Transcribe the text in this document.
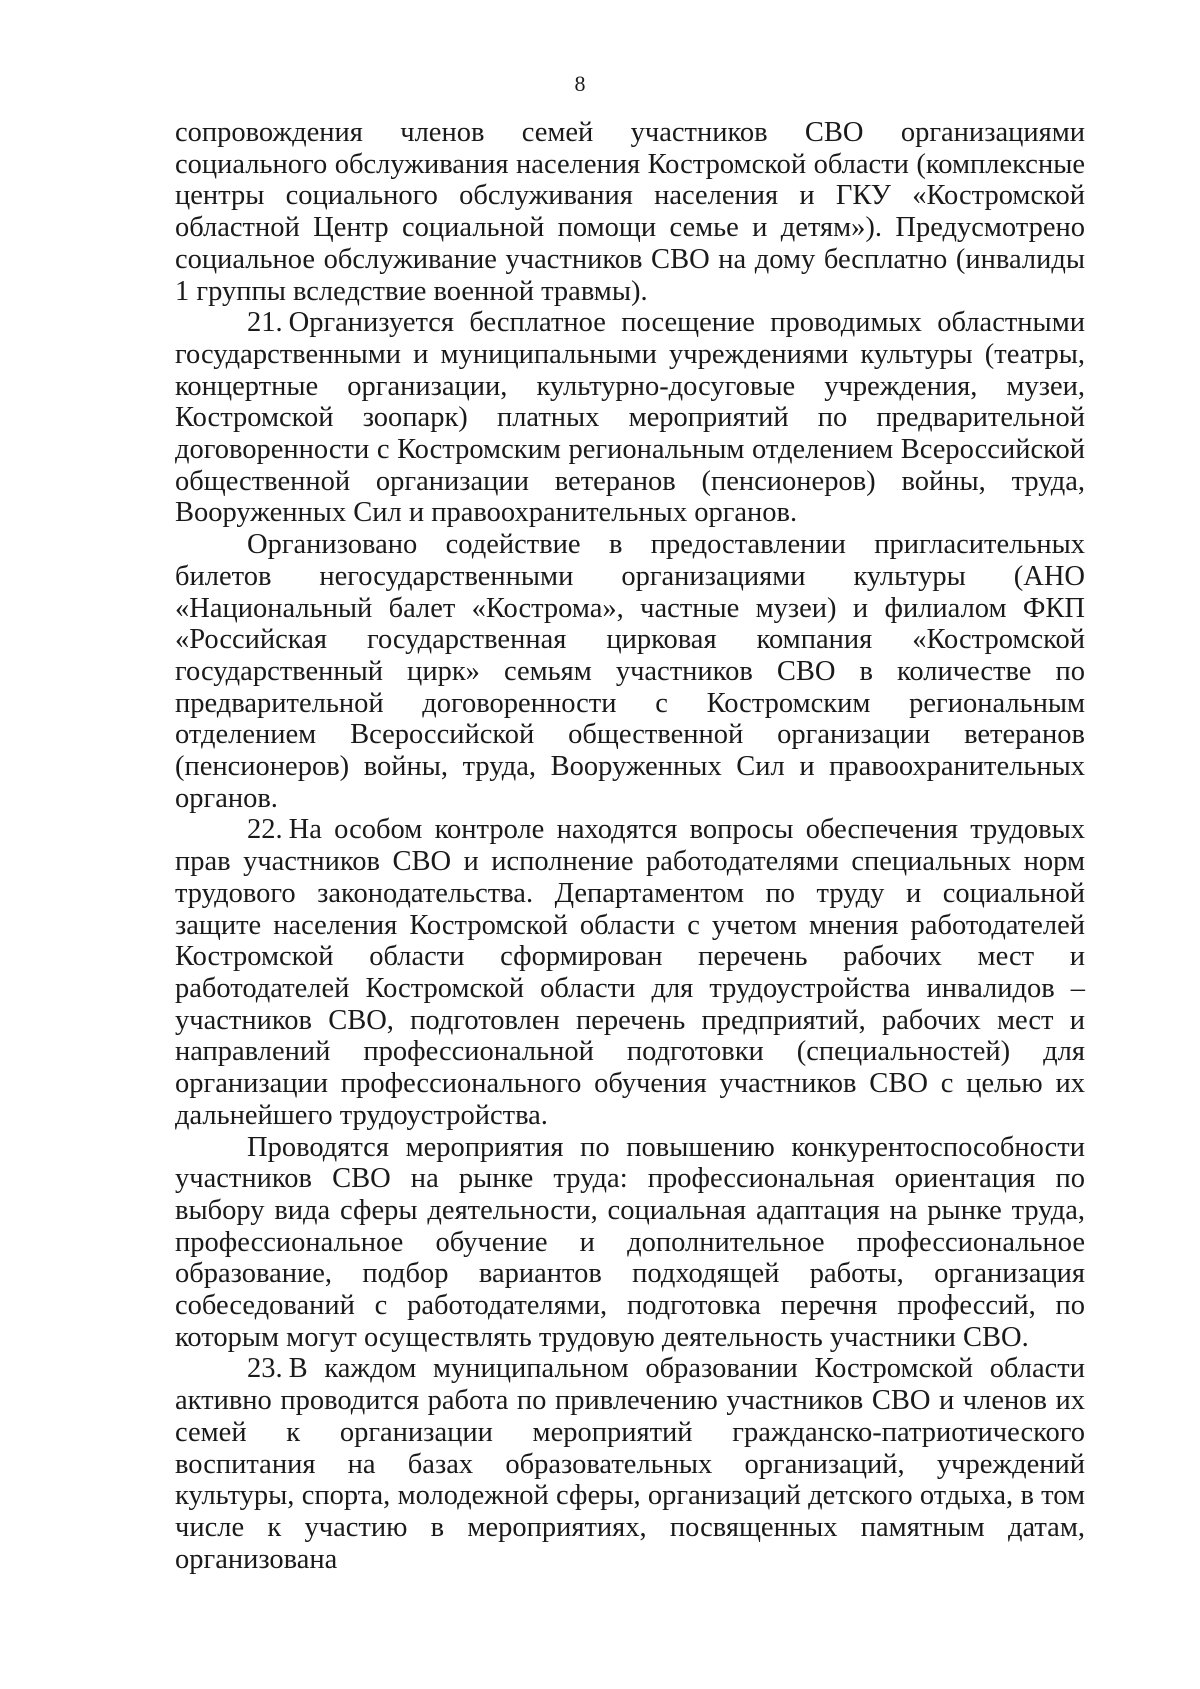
8

сопровождения членов семей участников СВО организациями социального обслуживания населения Костромской области (комплексные центры социального обслуживания населения и ГКУ «Костромской областной Центр социальной помощи семье и детям»). Предусмотрено социальное обслуживание участников СВО на дому бесплатно (инвалиды 1 группы вследствие военной травмы).

21. Организуется бесплатное посещение проводимых областными государственными и муниципальными учреждениями культуры (театры, концертные организации, культурно-досуговые учреждения, музеи, Костромской зоопарк) платных мероприятий по предварительной договоренности с Костромским региональным отделением Всероссийской общественной организации ветеранов (пенсионеров) войны, труда, Вооруженных Сил и правоохранительных органов.

Организовано содействие в предоставлении пригласительных билетов негосударственными организациями культуры (АНО «Национальный балет «Кострома», частные музеи) и филиалом ФКП «Российская государственная цирковая компания «Костромской государственный цирк» семьям участников СВО в количестве по предварительной договоренности с Костромским региональным отделением Всероссийской общественной организации ветеранов (пенсионеров) войны, труда, Вооруженных Сил и правоохранительных органов.

22. На особом контроле находятся вопросы обеспечения трудовых прав участников СВО и исполнение работодателями специальных норм трудового законодательства. Департаментом по труду и социальной защите населения Костромской области с учетом мнения работодателей Костромской области сформирован перечень рабочих мест и работодателей Костромской области для трудоустройства инвалидов – участников СВО, подготовлен перечень предприятий, рабочих мест и направлений профессиональной подготовки (специальностей) для организации профессионального обучения участников СВО с целью их дальнейшего трудоустройства.

Проводятся мероприятия по повышению конкурентоспособности участников СВО на рынке труда: профессиональная ориентация по выбору вида сферы деятельности, социальная адаптация на рынке труда, профессиональное обучение и дополнительное профессиональное образование, подбор вариантов подходящей работы, организация собеседований с работодателями, подготовка перечня профессий, по которым могут осуществлять трудовую деятельность участники СВО.

23. В каждом муниципальном образовании Костромской области активно проводится работа по привлечению участников СВО и членов их семей к организации мероприятий гражданско-патриотического воспитания на базах образовательных организаций, учреждений культуры, спорта, молодежной сферы, организаций детского отдыха, в том числе к участию в мероприятиях, посвященных памятным датам, организована
